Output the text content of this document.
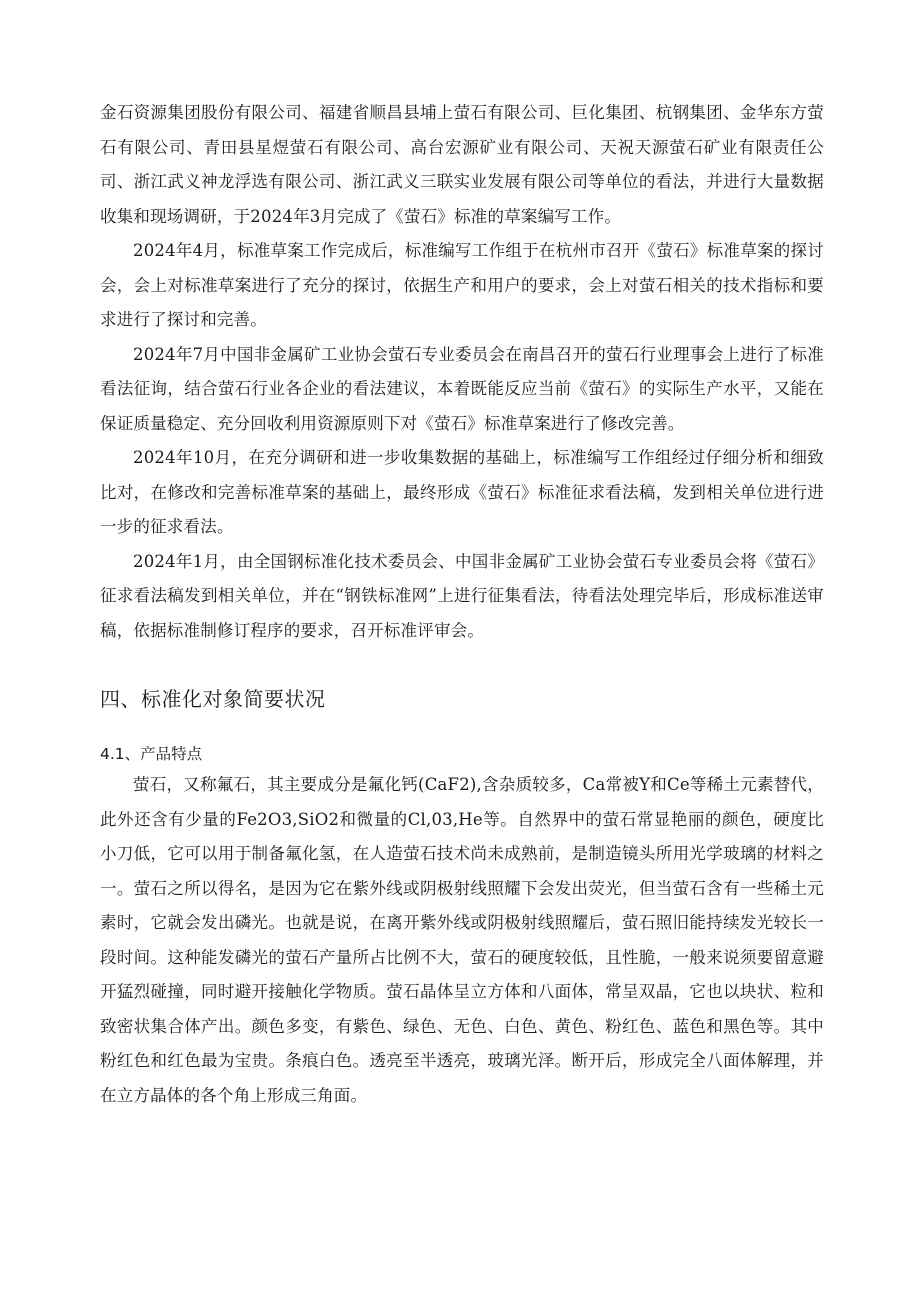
金石资源集团股份有限公司、福建省顺昌县埔上萤石有限公司、巨化集团、杭钢集团、金华东方萤石有限公司、青田县星煜萤石有限公司、高台宏源矿业有限公司、天祝天源萤石矿业有限责任公司、浙江武义神龙浮选有限公司、浙江武义三联实业发展有限公司等单位的看法，并进行大量数据收集和现场调研，于2024年3月完成了《萤石》标准的草案编写工作。

2024年4月，标准草案工作完成后，标准编写工作组于在杭州市召开《萤石》标准草案的探讨会，会上对标准草案进行了充分的探讨，依据生产和用户的要求，会上对萤石相关的技术指标和要求进行了探讨和完善。

2024年7月中国非金属矿工业协会萤石专业委员会在南昌召开的萤石行业理事会上进行了标准看法征询，结合萤石行业各企业的看法建议，本着既能反应当前《萤石》的实际生产水平，又能在保证质量稳定、充分回收利用资源原则下对《萤石》标准草案进行了修改完善。

2024年10月，在充分调研和进一步收集数据的基础上，标准编写工作组经过仔细分析和细致比对，在修改和完善标准草案的基础上，最终形成《萤石》标准征求看法稿，发到相关单位进行进一步的征求看法。

2024年1月，由全国钢标准化技术委员会、中国非金属矿工业协会萤石专业委员会将《萤石》征求看法稿发到相关单位，并在“钢铁标准网”上进行征集看法，待看法处理完毕后，形成标准送审稿，依据标准制修订程序的要求，召开标准评审会。

四、标准化对象简要状况
4.1、产品特点

萤石，又称氟石，其主要成分是氟化钙(CaF2),含杂质较多，Ca常被Y和Ce等稀土元素替代，此外还含有少量的Fe2O3,SiO2和微量的Cl,03,He等。自然界中的萤石常显艳丽的颜色，硬度比小刀低，它可以用于制备氟化氢，在人造萤石技术尚未成熟前，是制造镜头所用光学玻璃的材料之一。萤石之所以得名，是因为它在紫外线或阴极射线照耀下会发出荧光，但当萤石含有一些稀土元素时，它就会发出磷光。也就是说，在离开紫外线或阴极射线照耀后，萤石照旧能持续发光较长一段时间。这种能发磷光的萤石产量所占比例不大，萤石的硬度较低，且性脆，一般来说须要留意避开猛烈碰撞，同时避开接触化学物质。萤石晶体呈立方体和八面体，常呈双晶，它也以块状、粒和致密状集合体产出。颜色多变，有紫色、绿色、无色、白色、黄色、粉红色、蓝色和黑色等。其中粉红色和红色最为宝贵。条痕白色。透亮至半透亮，玻璃光泽。断开后，形成完全八面体解理，并在立方晶体的各个角上形成三角面。
